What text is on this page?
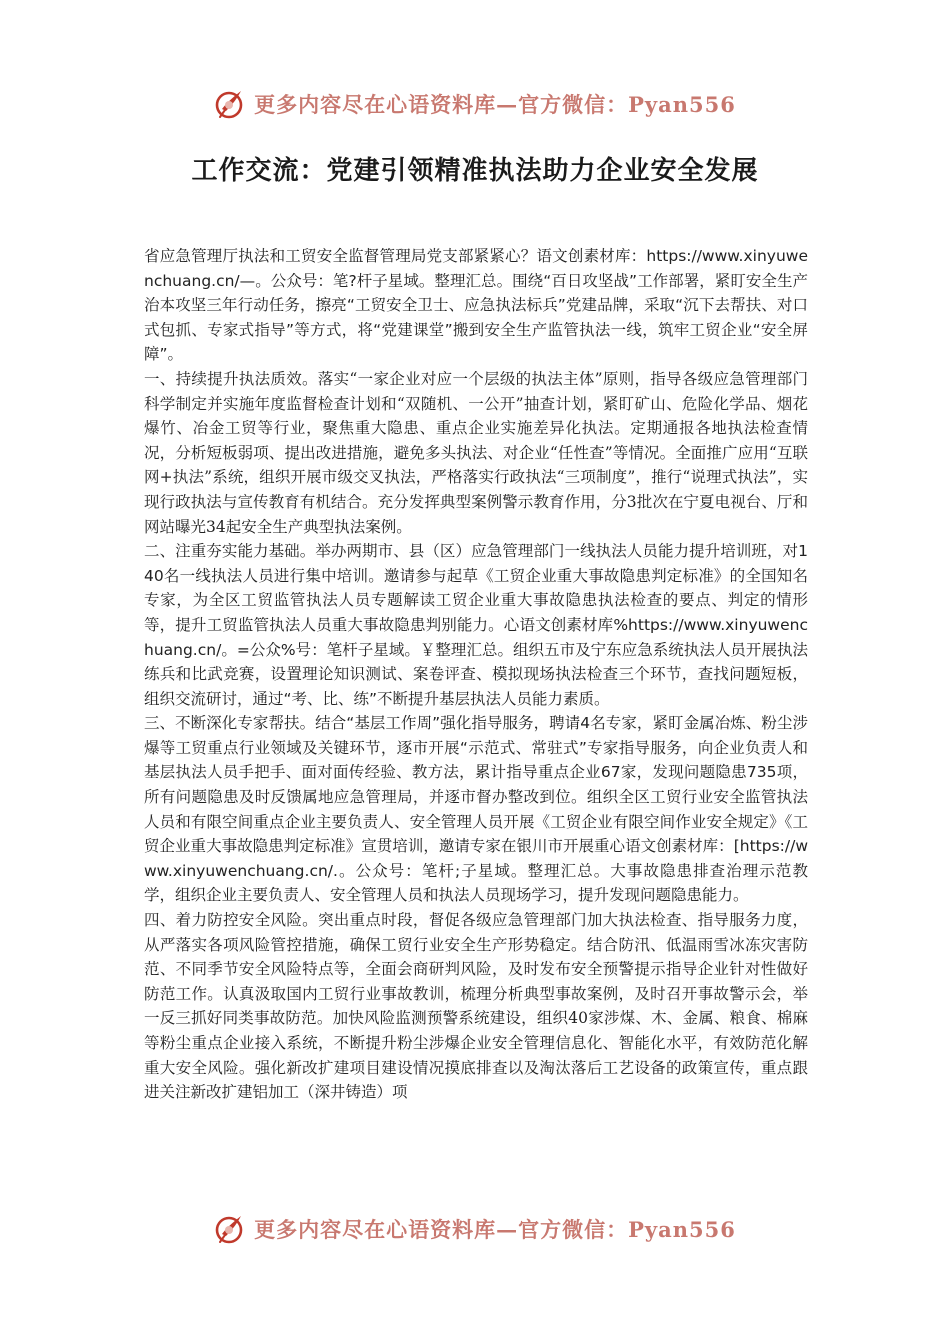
更多内容尽在心语资料库—官方微信：Pyan556
工作交流：党建引领精准执法助力企业安全发展

省应急管理厅执法和工贸安全监督管理局党支部紧紧心？语文创素材库：https://www.xinyuwenchuang.cn/—。公众号：笔?杆子星域。整理汇总。围绕“百日攻坚战”工作部署，紧盯安全生产治本攻坚三年行动任务，擦亮“工贸安全卫士、应急执法标兵”党建品牌，采取“沉下去帮扶、对口式包抓、专家式指导”等方式，将“党建课堂”搬到安全生产监管执法一线，筑牢工贸企业“安全屏障”。

一、持续提升执法质效。落实“一家企业对应一个层级的执法主体”原则，指导各级应急管理部门科学制定并实施年度监督检查计划和“双随机、一公开”抽查计划，紧盯矿山、危险化学品、烟花爆竹、冶金工贸等行业，聚焦重大隐患、重点企业实施差异化执法。定期通报各地执法检查情况，分析短板弱项、提出改进措施，避免多头执法、对企业“任性查”等情况。全面推广应用“互联网+执法”系统，组织开展市级交叉执法，严格落实行政执法“三项制度”，推行“说理式执法”，实现行政执法与宣传教育有机结合。充分发挥典型案例警示教育作用，分3批次在宁夏电视台、厅和网站曝光34起安全生产典型执法案例。

二、注重夯实能力基础。举办两期市、县（区）应急管理部门一线执法人员能力提升培训班，对140名一线执法人员进行集中培训。邀请参与起草《工贸企业重大事故隐患判定标准》的全国知名专家，为全区工贸监管执法人员专题解读工贸企业重大事故隐患执法检查的要点、判定的情形等，提升工贸监管执法人员重大事故隐患判别能力。心语文创素材库%https://www.xinyuwenchuang.cn/。=公众%号：笔杆子星域。￥整理汇总。组织五市及宁东应急系统执法人员开展执法练兵和比武竞赛，设置理论知识测试、案卷评查、模拟现场执法检查三个环节，查找问题短板，组织交流研讨，通过“考、比、练”不断提升基层执法人员能力素质。

三、不断深化专家帮扶。结合“基层工作周”强化指导服务，聘请4名专家，紧盯金属冶炼、粉尘涉爆等工贸重点行业领域及关键环节，逐市开展“示范式、常驻式”专家指导服务，向企业负责人和基层执法人员手把手、面对面传经验、教方法，累计指导重点企业67家，发现问题隐患735项，所有问题隐患及时反馈属地应急管理局，并逐市督办整改到位。组织全区工贸行业安全监管执法人员和有限空间重点企业主要负责人、安全管理人员开展《工贸企业有限空间作业安全规定》《工贸企业重大事故隐患判定标准》宣贯培训，邀请专家在银川市开展重心语文创素材库：[https://www.xinyuwenchuang.cn/.。公众号：笔杆;子星域。整理汇总。大事故隐患排查治理示范教学，组织企业主要负责人、安全管理人员和执法人员现场学习，提升发现问题隐患能力。

四、着力防控安全风险。突出重点时段，督促各级应急管理部门加大执法检查、指导服务力度，从严落实各项风险管控措施，确保工贸行业安全生产形势稳定。结合防汛、低温雨雪冰冻灾害防范、不同季节安全风险特点等，全面会商研判风险，及时发布安全预警提示指导企业针对性做好防范工作。认真汲取国内工贸行业事故教训，梳理分析典型事故案例，及时召开事故警示会，举一反三抓好同类事故防范。加快风险监测预警系统建设，组织40家涉煤、木、金属、粮食、棉麻等粉尘重点企业接入系统，不断提升粉尘涉爆企业安全管理信息化、智能化水平，有效防范化解重大安全风险。强化新改扩建项目建设情况摸底排查以及淘汰落后工艺设备的政策宣传，重点跟进关注新改扩建铝加工（深井铸造）项

更多内容尽在心语资料库—官方微信：Pyan556
